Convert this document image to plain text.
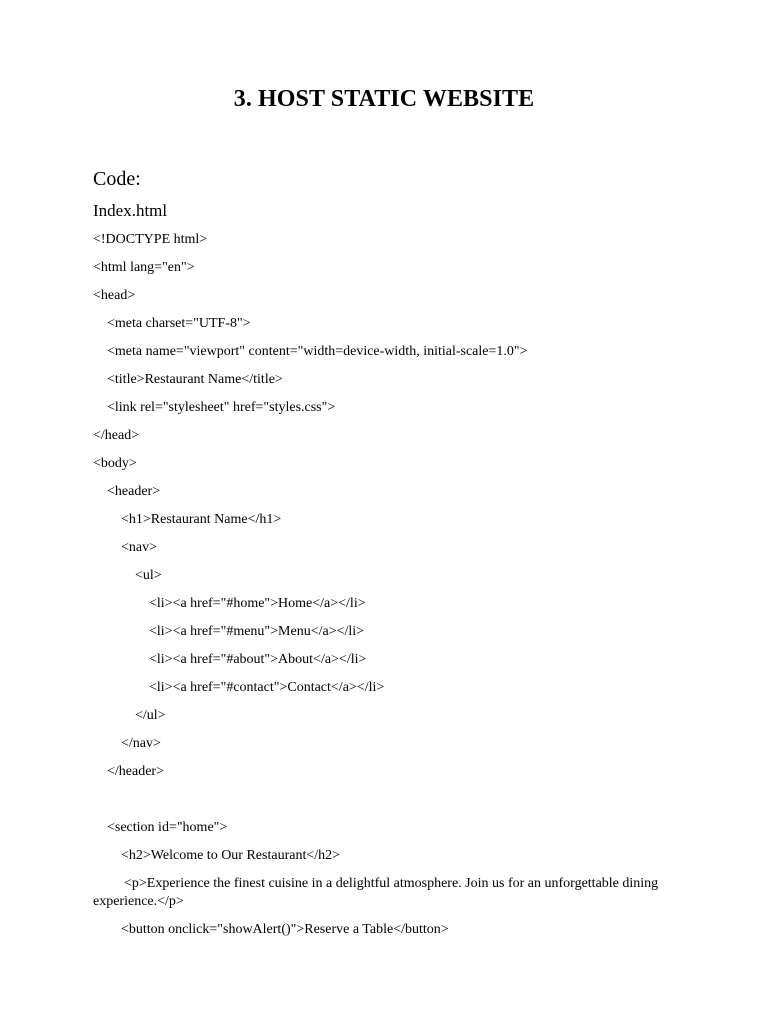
3. HOST STATIC WEBSITE
Code:
Index.html
<!DOCTYPE html>
<html lang="en">
<head>
<meta charset="UTF-8">
<meta name="viewport" content="width=device-width, initial-scale=1.0">
<title>Restaurant Name</title>
<link rel="stylesheet" href="styles.css">
</head>
<body>
<header>
<h1>Restaurant Name</h1>
<nav>
<ul>
<li><a href="#home">Home</a></li>
<li><a href="#menu">Menu</a></li>
<li><a href="#about">About</a></li>
<li><a href="#contact">Contact</a></li>
</ul>
</nav>
</header>
<section id="home">
<h2>Welcome to Our Restaurant</h2>
<p>Experience the finest cuisine in a delightful atmosphere. Join us for an unforgettable dining experience.</p>
<button onclick="showAlert()">Reserve a Table</button>
